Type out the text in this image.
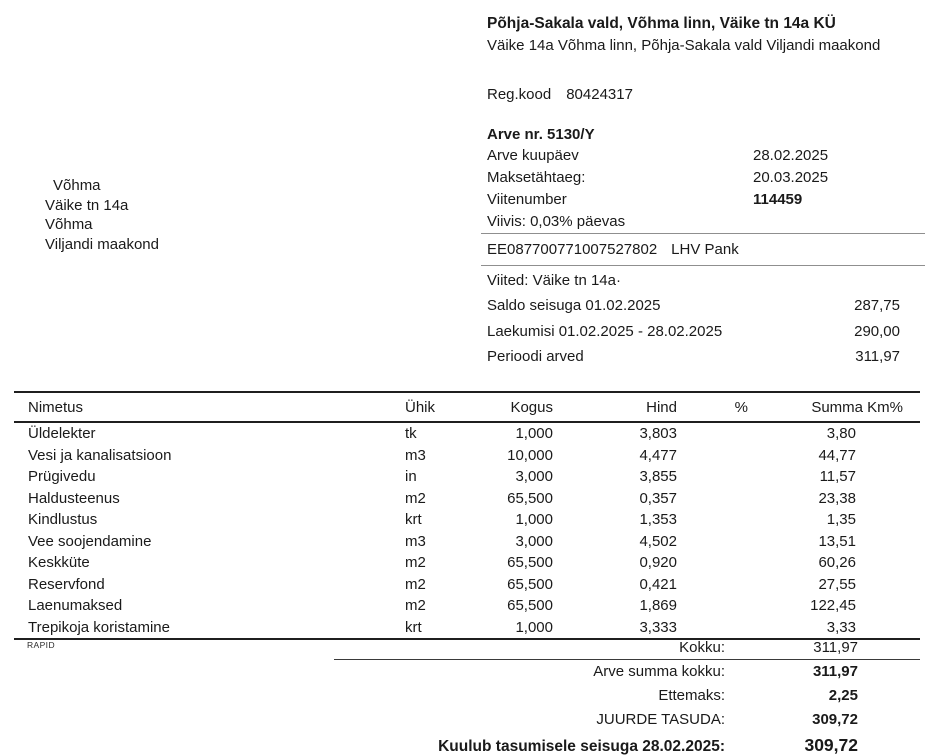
Võhma
Väike tn 14a
Võhma
Viljandi maakond
Põhja-Sakala vald, Võhma linn, Väike tn 14a KÜ
Väike 14a Võhma linn, Põhja-Sakala vald Viljandi maakond
Reg.kood 80424317
Arve nr. 5130/Y
Arve kuupäev	28.02.2025
Maksetähtaeg:	20.03.2025
Viitenumber	114459
Viivis: 0,03% päevas
EE087700771007527802 LHV Pank
Viited: Väike tn 14a·
Saldo seisuga 01.02.2025	287,75
Laekumisi 01.02.2025 - 28.02.2025	290,00
Perioodi arved	311,97
Nimetus	Ühik	Kogus	Hind	%	Summa Km%
Üldelekter	tk	1,000	3,803		3,80
Vesi ja kanalisatsioon	m3	10,000	4,477		44,77
Prügivedu	in	3,000	3,855		11,57
Haldusteenus	m2	65,500	0,357		23,38
Kindlustus	krt	1,000	1,353		1,35
Vee soojendamine	m3	3,000	4,502		13,51
Keskküte	m2	65,500	0,920		60,26
Reservfond	m2	65,500	0,421		27,55
Laenumaksed	m2	65,500	1,869		122,45
Trepikoja koristamine	krt	1,000	3,333		3,33
RAPID	Kokku:	311,97
Arve summa kokku:	311,97
Ettemaks:	2,25
JUURDE TASUDA:	309,72
Kuulub tasumisele seisuga 28.02.2025:	309,72
